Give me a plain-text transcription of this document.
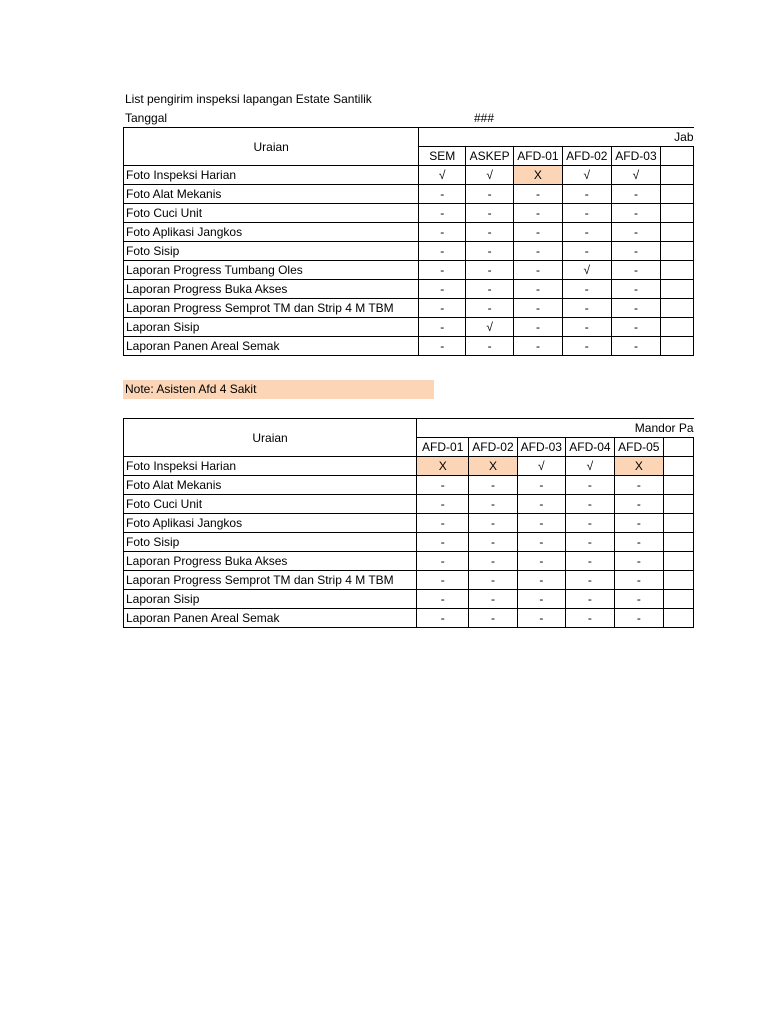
List pengirim inspeksi lapangan Estate Santilik
Tanggal	###
Uraian	Jab					
	SEM	ASKEP	AFD-01	AFD-02	AFD-03	
Foto Inspeksi Harian	√	√	X	√	√	
Foto Alat Mekanis	-	-	-	-	-	
Foto Cuci Unit	-	-	-	-	-	
Foto Aplikasi Jangkos	-	-	-	-	-	
Foto Sisip	-	-	-	-	-	
Laporan Progress Tumbang Oles	-	-	-	√	-	
Laporan Progress Buka Akses	-	-	-	-	-	
Laporan Progress Semprot TM dan Strip 4 M TBM	-	-	-	-	-	
Laporan Sisip	-	√	-	-	-	
Laporan Panen Areal Semak	-	-	-	-	-	
Note: Asisten Afd 4 Sakit
Uraian	Mandor Pa					
	AFD-01	AFD-02	AFD-03	AFD-04	AFD-05	
Foto Inspeksi Harian	X	X	√	√	X	
Foto Alat Mekanis	-	-	-	-	-	
Foto Cuci Unit	-	-	-	-	-	
Foto Aplikasi Jangkos	-	-	-	-	-	
Foto Sisip	-	-	-	-	-	
Laporan Progress Buka Akses	-	-	-	-	-	
Laporan Progress Semprot TM dan Strip 4 M TBM	-	-	-	-	-	
Laporan Sisip	-	-	-	-	-	
Laporan Panen Areal Semak	-	-	-	-	-	
